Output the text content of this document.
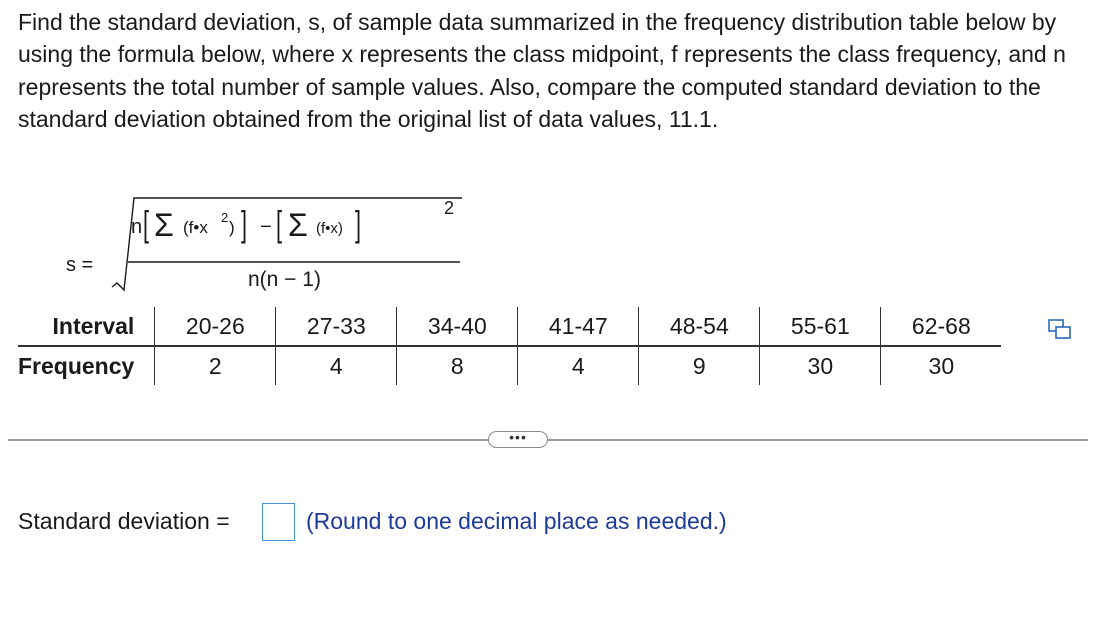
Find the standard deviation, s, of sample data summarized in the frequency distribution table below by using the formula below, where x represents the class midpoint, f represents the class frequency, and n represents the total number of sample values. Also, compare the computed standard deviation to the standard deviation obtained from the original list of data values, 11.1.

s =
n [ Σ (f•x
2
) ] − [ Σ (f•x) ]	2
n(n − 1)
Interval	20-26	27-33	34-40	41-47	48-54	55-61	62-68
Frequency	2	4	8	4	9	30	30
•••
Standard deviation =	(Round to one decimal place as needed.)
